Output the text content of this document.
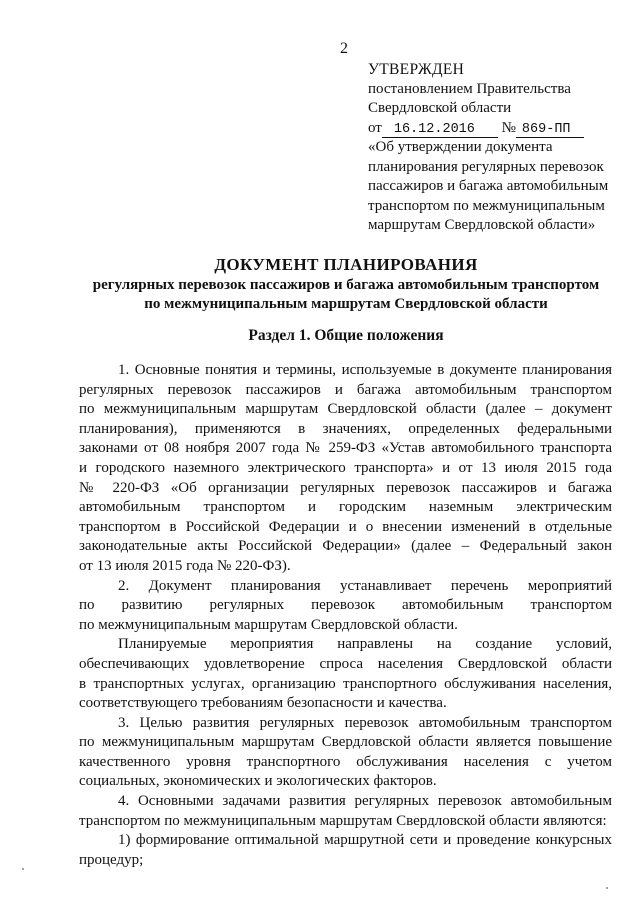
2
УТВЕРЖДЕН
постановлением Правительства
Свердловской области
от 16.12.2016 № 869-ПП
«Об утверждении документа
планирования регулярных перевозок
пассажиров и багажа автомобильным
транспортом по межмуниципальным
маршрутам Свердловской области»
ДОКУМЕНТ ПЛАНИРОВАНИЯ
регулярных перевозок пассажиров и багажа автомобильным транспортом
по межмуниципальным маршрутам Свердловской области
Раздел 1. Общие положения

1. Основные понятия и термины, используемые в документе планирования

регулярных перевозок пассажиров и багажа автомобильным транспортом

по межмуниципальным маршрутам Свердловской области (далее – документ

планирования), применяются в значениях, определенных федеральными

законами от 08 ноября 2007 года № 259-ФЗ «Устав автомобильного транспорта

и городского наземного электрического транспорта» и от 13 июля 2015 года

№ 220-ФЗ «Об организации регулярных перевозок пассажиров и багажа

автомобильным транспортом и городским наземным электрическим

транспортом в Российской Федерации и о внесении изменений в отдельные

законодательные акты Российской Федерации» (далее – Федеральный закон

от 13 июля 2015 года № 220-ФЗ).

2. Документ планирования устанавливает перечень мероприятий

по развитию регулярных перевозок автомобильным транспортом

по межмуниципальным маршрутам Свердловской области.

Планируемые мероприятия направлены на создание условий,

обеспечивающих удовлетворение спроса населения Свердловской области

в транспортных услугах, организацию транспортного обслуживания населения,

соответствующего требованиям безопасности и качества.

3. Целью развития регулярных перевозок автомобильным транспортом

по межмуниципальным маршрутам Свердловской области является повышение

качественного уровня транспортного обслуживания населения с учетом

социальных, экономических и экологических факторов.

4. Основными задачами развития регулярных перевозок автомобильным

транспортом по межмуниципальным маршрутам Свердловской области являются:

1) формирование оптимальной маршрутной сети и проведение конкурсных

процедур;
